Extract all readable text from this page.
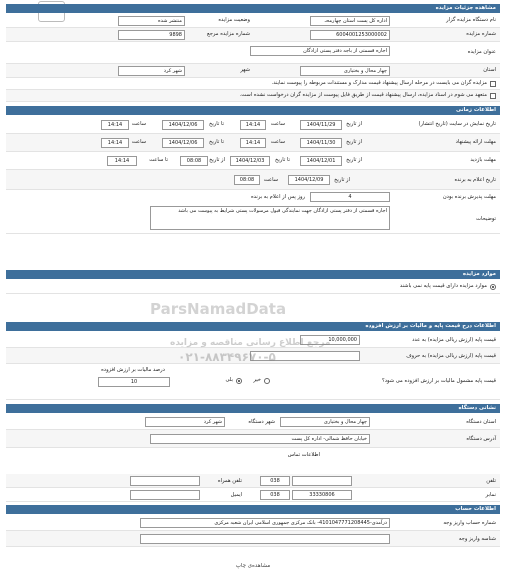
مشاهده جزئیات مزایده
نام دستگاه مزایده گزار
اداره کل پست استان چهارمحـ
وضعیت مزایده
منتشر شده
شماره مزایده
6004001253000002
شماره مزایده مرجع
9898
عنوان مزایده
اجاره قسمتی از باجه دفتر پستی ازادگان
استان
چهار محال و بختیاری
شهر
شهر کرد
مزایده گران می بایست در مرحله ارسال پیشنهاد قیمت مدارک و مستندات مربوطه را پیوست نمایند.
متعهد می شوم در اسناد مزایده، ارسال پیشنهاد قیمت از طریق فایل پیوست از مزایده گران درخواست نشده است.
اطلاعات زمانی
تاریخ نمایش در سایت (تاریخ انتشار)
از تاریخ
1404/11/29
ساعت
14:14
تا تاریخ
1404/12/06
ساعت
14:14
مهلت ارائه پیشنهاد
از تاریخ
1404/11/30
ساعت
14:14
تا تاریخ
1404/12/06
ساعت
14:14
مهلت بازدید
از تاریخ
1404/12/01
تا تاریخ
1404/12/03
از تاریخ
08:08
تا ساعت
14:14
تاریخ اعلام به برنده
از تاریخ
1404/12/09
ساعت
08:08
مهلت پذیرش برنده بودن
4
روز پس از اعلام به برنده
توضیحات
اجاره قسمتی از دفتر پستی ازادگان جهت نمایندگی قبول مرسولات پستی شرایط به پیوست می باشد
موارد مزایده
موارد مزایده دارای قیمت پایه نمی باشند
اطلاعات درج قیمت پایه و مالیات بر ارزش افزوده
قیمت پایه (ارزش ریالی مزایده) به عدد
10,000,000
قیمت پایه (ارزش ریالی مزایده) به حروف
قیمت پایه مشمول مالیات بر ارزش افزوده می شود؟
خیر
بلی
درصد مالیات بر ارزش افزوده
10
نشانی دستگاه
استان دستگاه
چهار محال و بختیاری
شهر دستگاه
شهر کرد
آدرس دستگاه
خیابان حافظ شمالی- اداره کل پست
اطلاعات تماس
تلفن
038
تلفن همراه
نمابر
33330806
038
ایمیل
اطلاعات حساب
شماره حساب واریز وجه
درآمدی-4101047771208445- بانک مرکزی جمهوری اسلامی ایران شعبه مرکزی
شناسه واریز وجه
ParsNamadData
مرجع اطلاع رسانی مناقصه و مزایده
۰۲۱-۸۸۳۴۹۶۷۰-۵
مشاهده‌ی چاپ
